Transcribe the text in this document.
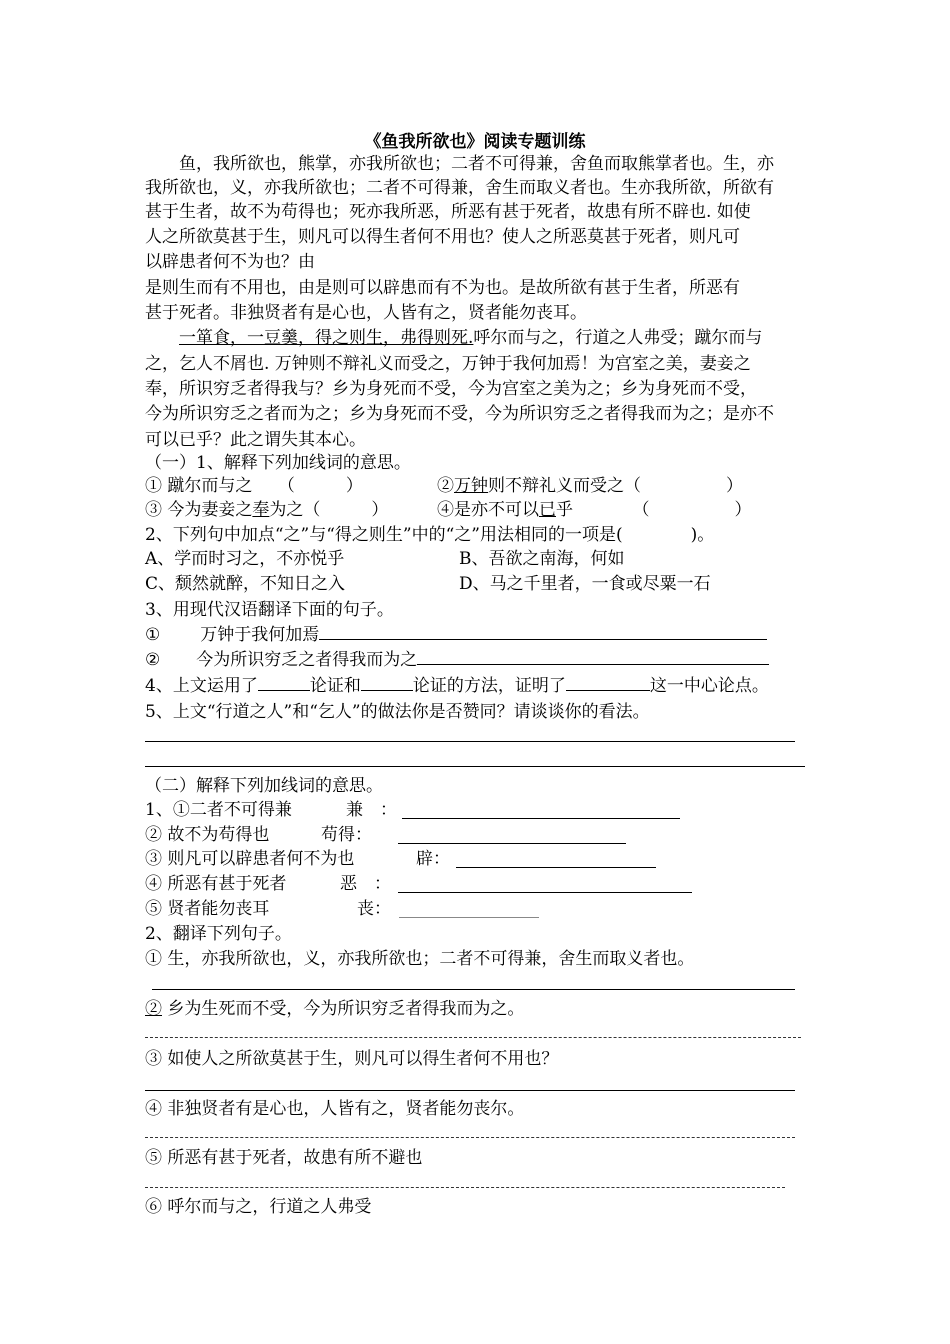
《鱼我所欲也》阅读专题训练
　　鱼，我所欲也，熊掌，亦我所欲也；二者不可得兼，舍鱼而取熊掌者也。生，亦
我所欲也，义，亦我所欲也；二者不可得兼，舍生而取义者也。生亦我所欲，所欲有
甚于生者，故不为苟得也；死亦我所恶，所恶有甚于死者，故患有所不辟也. 如使
人之所欲莫甚于生，则凡可以得生者何不用也？使人之所恶莫甚于死者，则凡可
以辟患者何不为也？由
是则生而有不用也，由是则可以辟患而有不为也。是故所欲有甚于生者，所恶有
甚于死者。非独贤者有是心也，人皆有之，贤者能勿丧耳。
　　一箪食，一豆羹，得之则生，弗得则死.呼尔而与之，行道之人弗受；蹴尔而与
之，乞人不屑也. 万钟则不辩礼义而受之，万钟于我何加焉！为宫室之美，妻妾之
奉，所识穷乏者得我与？乡为身死而不受，今为宫室之美为之；乡为身死而不受，
今为所识穷乏之者而为之；乡为身死而不受，今为所识穷乏之者得我而为之；是亦不
可以已乎？此之谓失其本心。
（一）1、解释下列加线词的意思。
① 蹴尔而与之　　（　　　）	②万钟则不辩礼义而受之（　　　　　）
③ 今为妻妾之奉为之（　　　）	④是亦不可以已乎　　　　（　　　　　）
2、下列句中加点“之”与“得之则生”中的“之”用法相同的一项是(　　　　)。
A、学而时习之，不亦悦乎	B、吾欲之南海，何如
C、颓然就醉，不知日之入	D、马之千里者，一食或尽粟一石
3、用现代汉语翻译下面的句子。
① 万钟于我何加焉
② 今为所识穷乏之者得我而为之
4、上文运用了	论证和	论证的方法，证明了	这一中心论点。
5、上文“行道之人”和“乞人”的做法你是否赞同？请谈谈你的看法。
（二）解释下列加线词的意思。
1、①二者不可得兼	兼　：
② 故不为苟得也	苟得：
③ 则凡可以辟患者何不为也	辟：
④ 所恶有甚于死者	恶　：
⑤ 贤者能勿丧耳	丧：
2、翻译下列句子。
① 生，亦我所欲也，义，亦我所欲也；二者不可得兼，舍生而取义者也。
② 乡为生死而不受，今为所识穷乏者得我而为之。
③ 如使人之所欲莫甚于生，则凡可以得生者何不用也？
④ 非独贤者有是心也，人皆有之，贤者能勿丧尔。
⑤ 所恶有甚于死者，故患有所不避也
⑥ 呼尔而与之，行道之人弗受
